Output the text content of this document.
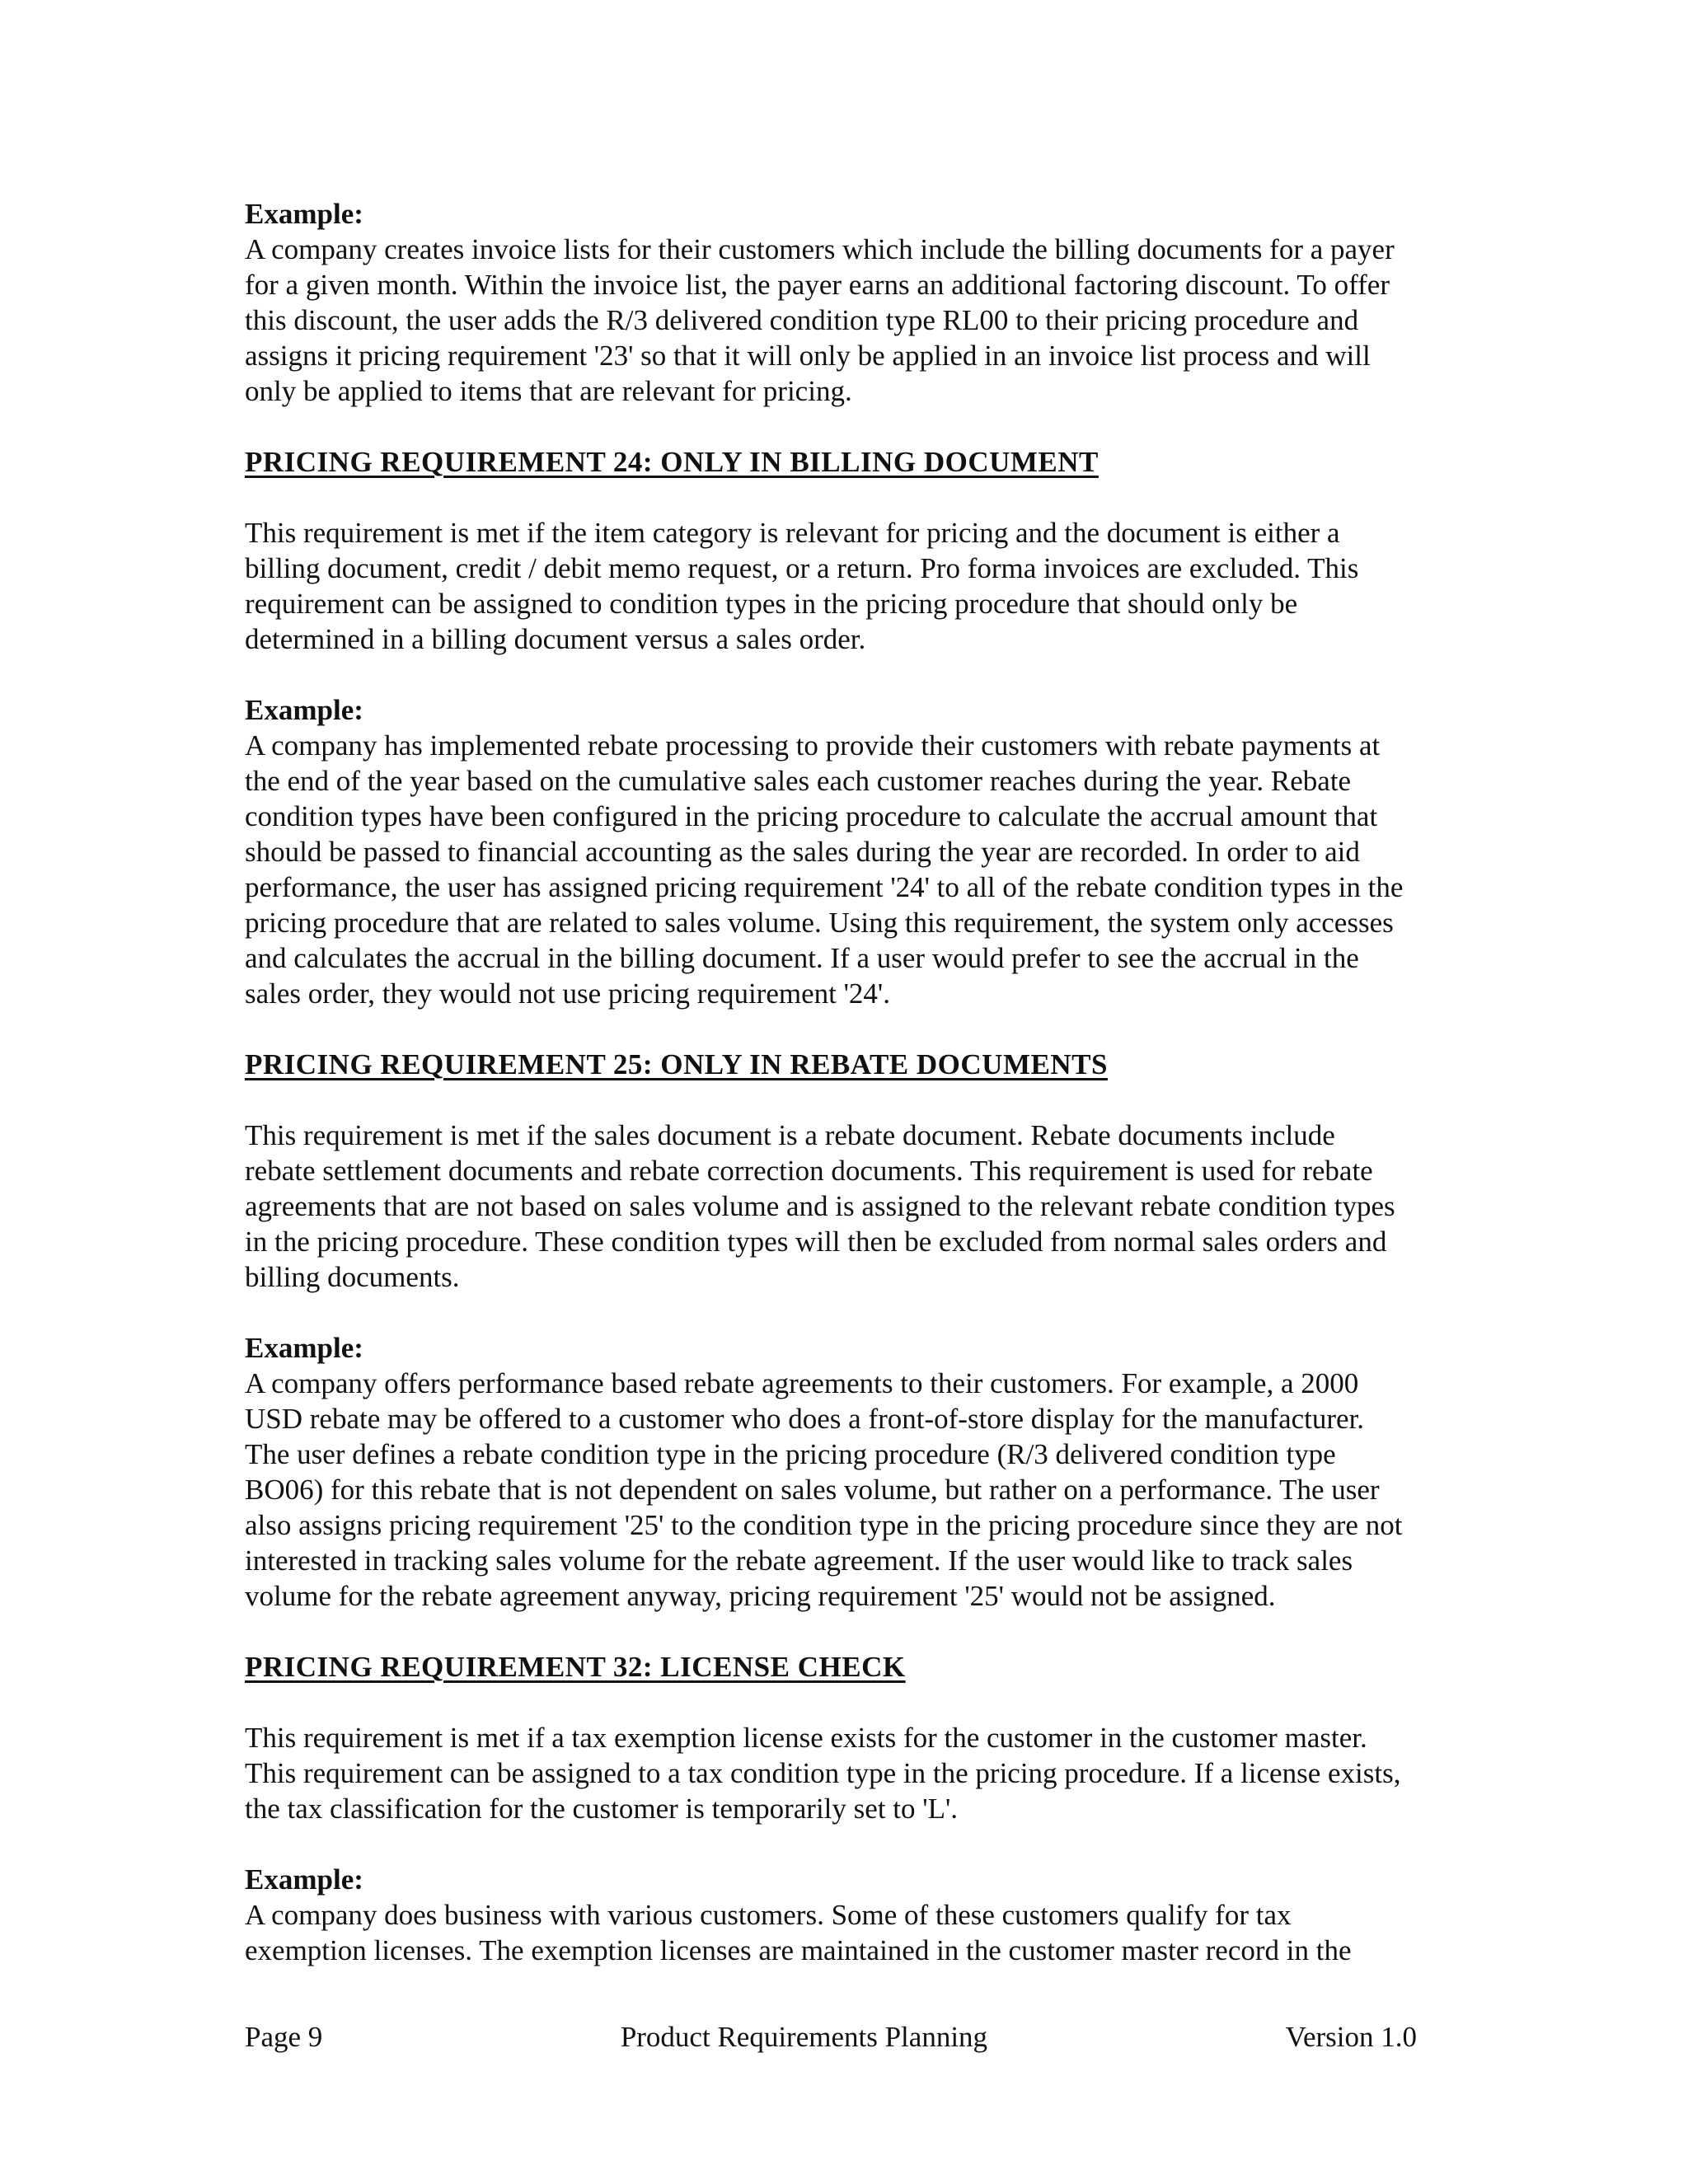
Example:
A company creates invoice lists for their customers which include the billing documents for a payer
for a given month. Within the invoice list, the payer earns an additional factoring discount. To offer
this discount, the user adds the R/3 delivered condition type RL00 to their pricing procedure and
assigns it pricing requirement '23' so that it will only be applied in an invoice list process and will
only be applied to items that are relevant for pricing.
PRICING REQUIREMENT 24: ONLY IN BILLING DOCUMENT
This requirement is met if the item category is relevant for pricing and the document is either a
billing document, credit / debit memo request, or a return. Pro forma invoices are excluded. This
requirement can be assigned to condition types in the pricing procedure that should only be
determined in a billing document versus a sales order.
Example:
A company has implemented rebate processing to provide their customers with rebate payments at
the end of the year based on the cumulative sales each customer reaches during the year. Rebate
condition types have been configured in the pricing procedure to calculate the accrual amount that
should be passed to financial accounting as the sales during the year are recorded. In order to aid
performance, the user has assigned pricing requirement '24' to all of the rebate condition types in the
pricing procedure that are related to sales volume. Using this requirement, the system only accesses
and calculates the accrual in the billing document. If a user would prefer to see the accrual in the
sales order, they would not use pricing requirement '24'.
PRICING REQUIREMENT 25: ONLY IN REBATE DOCUMENTS
This requirement is met if the sales document is a rebate document. Rebate documents include
rebate settlement documents and rebate correction documents. This requirement is used for rebate
agreements that are not based on sales volume and is assigned to the relevant rebate condition types
in the pricing procedure. These condition types will then be excluded from normal sales orders and
billing documents.
Example:
A company offers performance based rebate agreements to their customers. For example, a 2000
USD rebate may be offered to a customer who does a front-of-store display for the manufacturer.
The user defines a rebate condition type in the pricing procedure (R/3 delivered condition type
BO06) for this rebate that is not dependent on sales volume, but rather on a performance. The user
also assigns pricing requirement '25' to the condition type in the pricing procedure since they are not
interested in tracking sales volume for the rebate agreement. If the user would like to track sales
volume for the rebate agreement anyway, pricing requirement '25' would not be assigned.
PRICING REQUIREMENT 32: LICENSE CHECK
This requirement is met if a tax exemption license exists for the customer in the customer master.
This requirement can be assigned to a tax condition type in the pricing procedure. If a license exists,
the tax classification for the customer is temporarily set to 'L'.
Example:
A company does business with various customers. Some of these customers qualify for tax
exemption licenses. The exemption licenses are maintained in the customer master record in the
Page 9	Product Requirements Planning	Version 1.0
